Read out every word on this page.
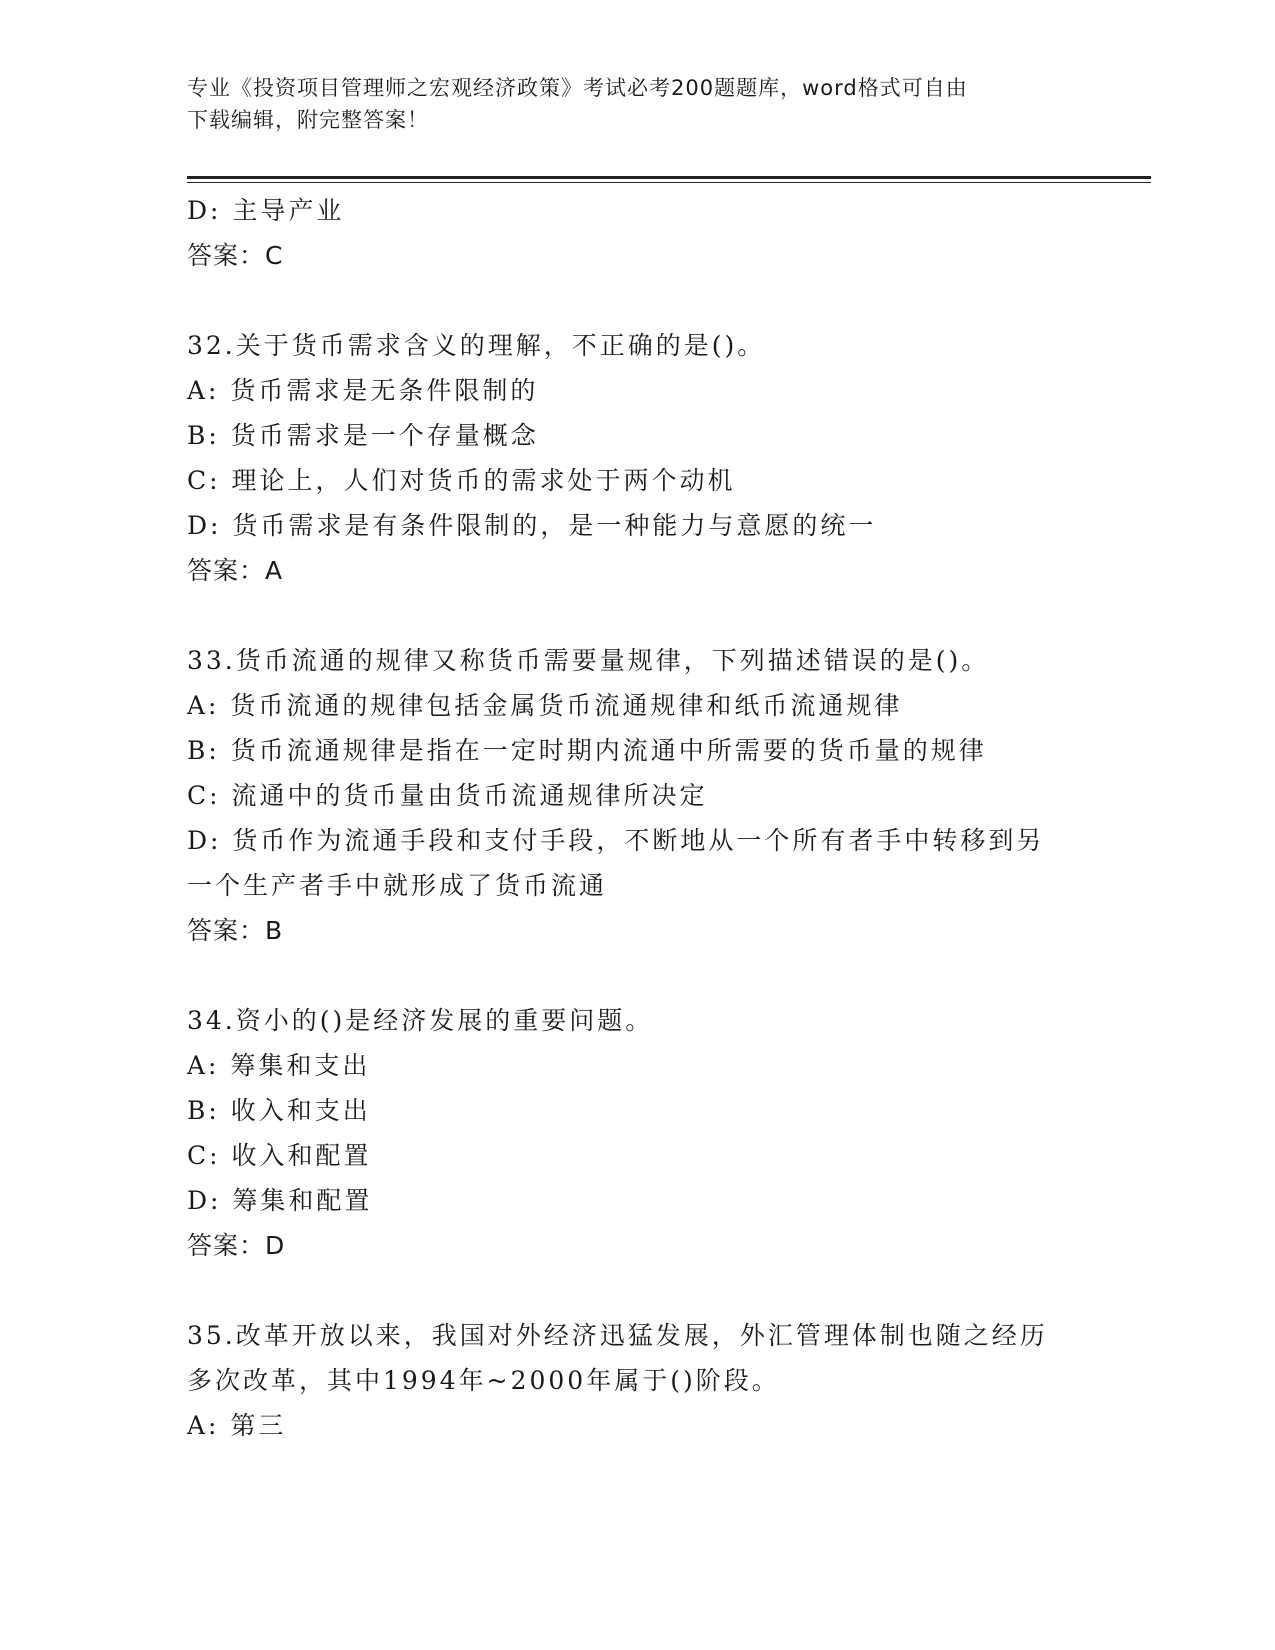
专业《投资项目管理师之宏观经济政策》考试必考200题题库，word格式可自由
下载编辑，附完整答案！
D: 主导产业
答案：C
32.关于货币需求含义的理解，不正确的是()。
A: 货币需求是无条件限制的
B: 货币需求是一个存量概念
C: 理论上，人们对货币的需求处于两个动机
D: 货币需求是有条件限制的，是一种能力与意愿的统一
答案：A
33.货币流通的规律又称货币需要量规律，下列描述错误的是()。
A: 货币流通的规律包括金属货币流通规律和纸币流通规律
B: 货币流通规律是指在一定时期内流通中所需要的货币量的规律
C: 流通中的货币量由货币流通规律所决定
D: 货币作为流通手段和支付手段，不断地从一个所有者手中转移到另
一个生产者手中就形成了货币流通
答案：B
34.资小的()是经济发展的重要问题。
A: 筹集和支出
B: 收入和支出
C: 收入和配置
D: 筹集和配置
答案：D
35.改革开放以来，我国对外经济迅猛发展，外汇管理体制也随之经历
多次改革，其中1994年~2000年属于()阶段。
A: 第三
